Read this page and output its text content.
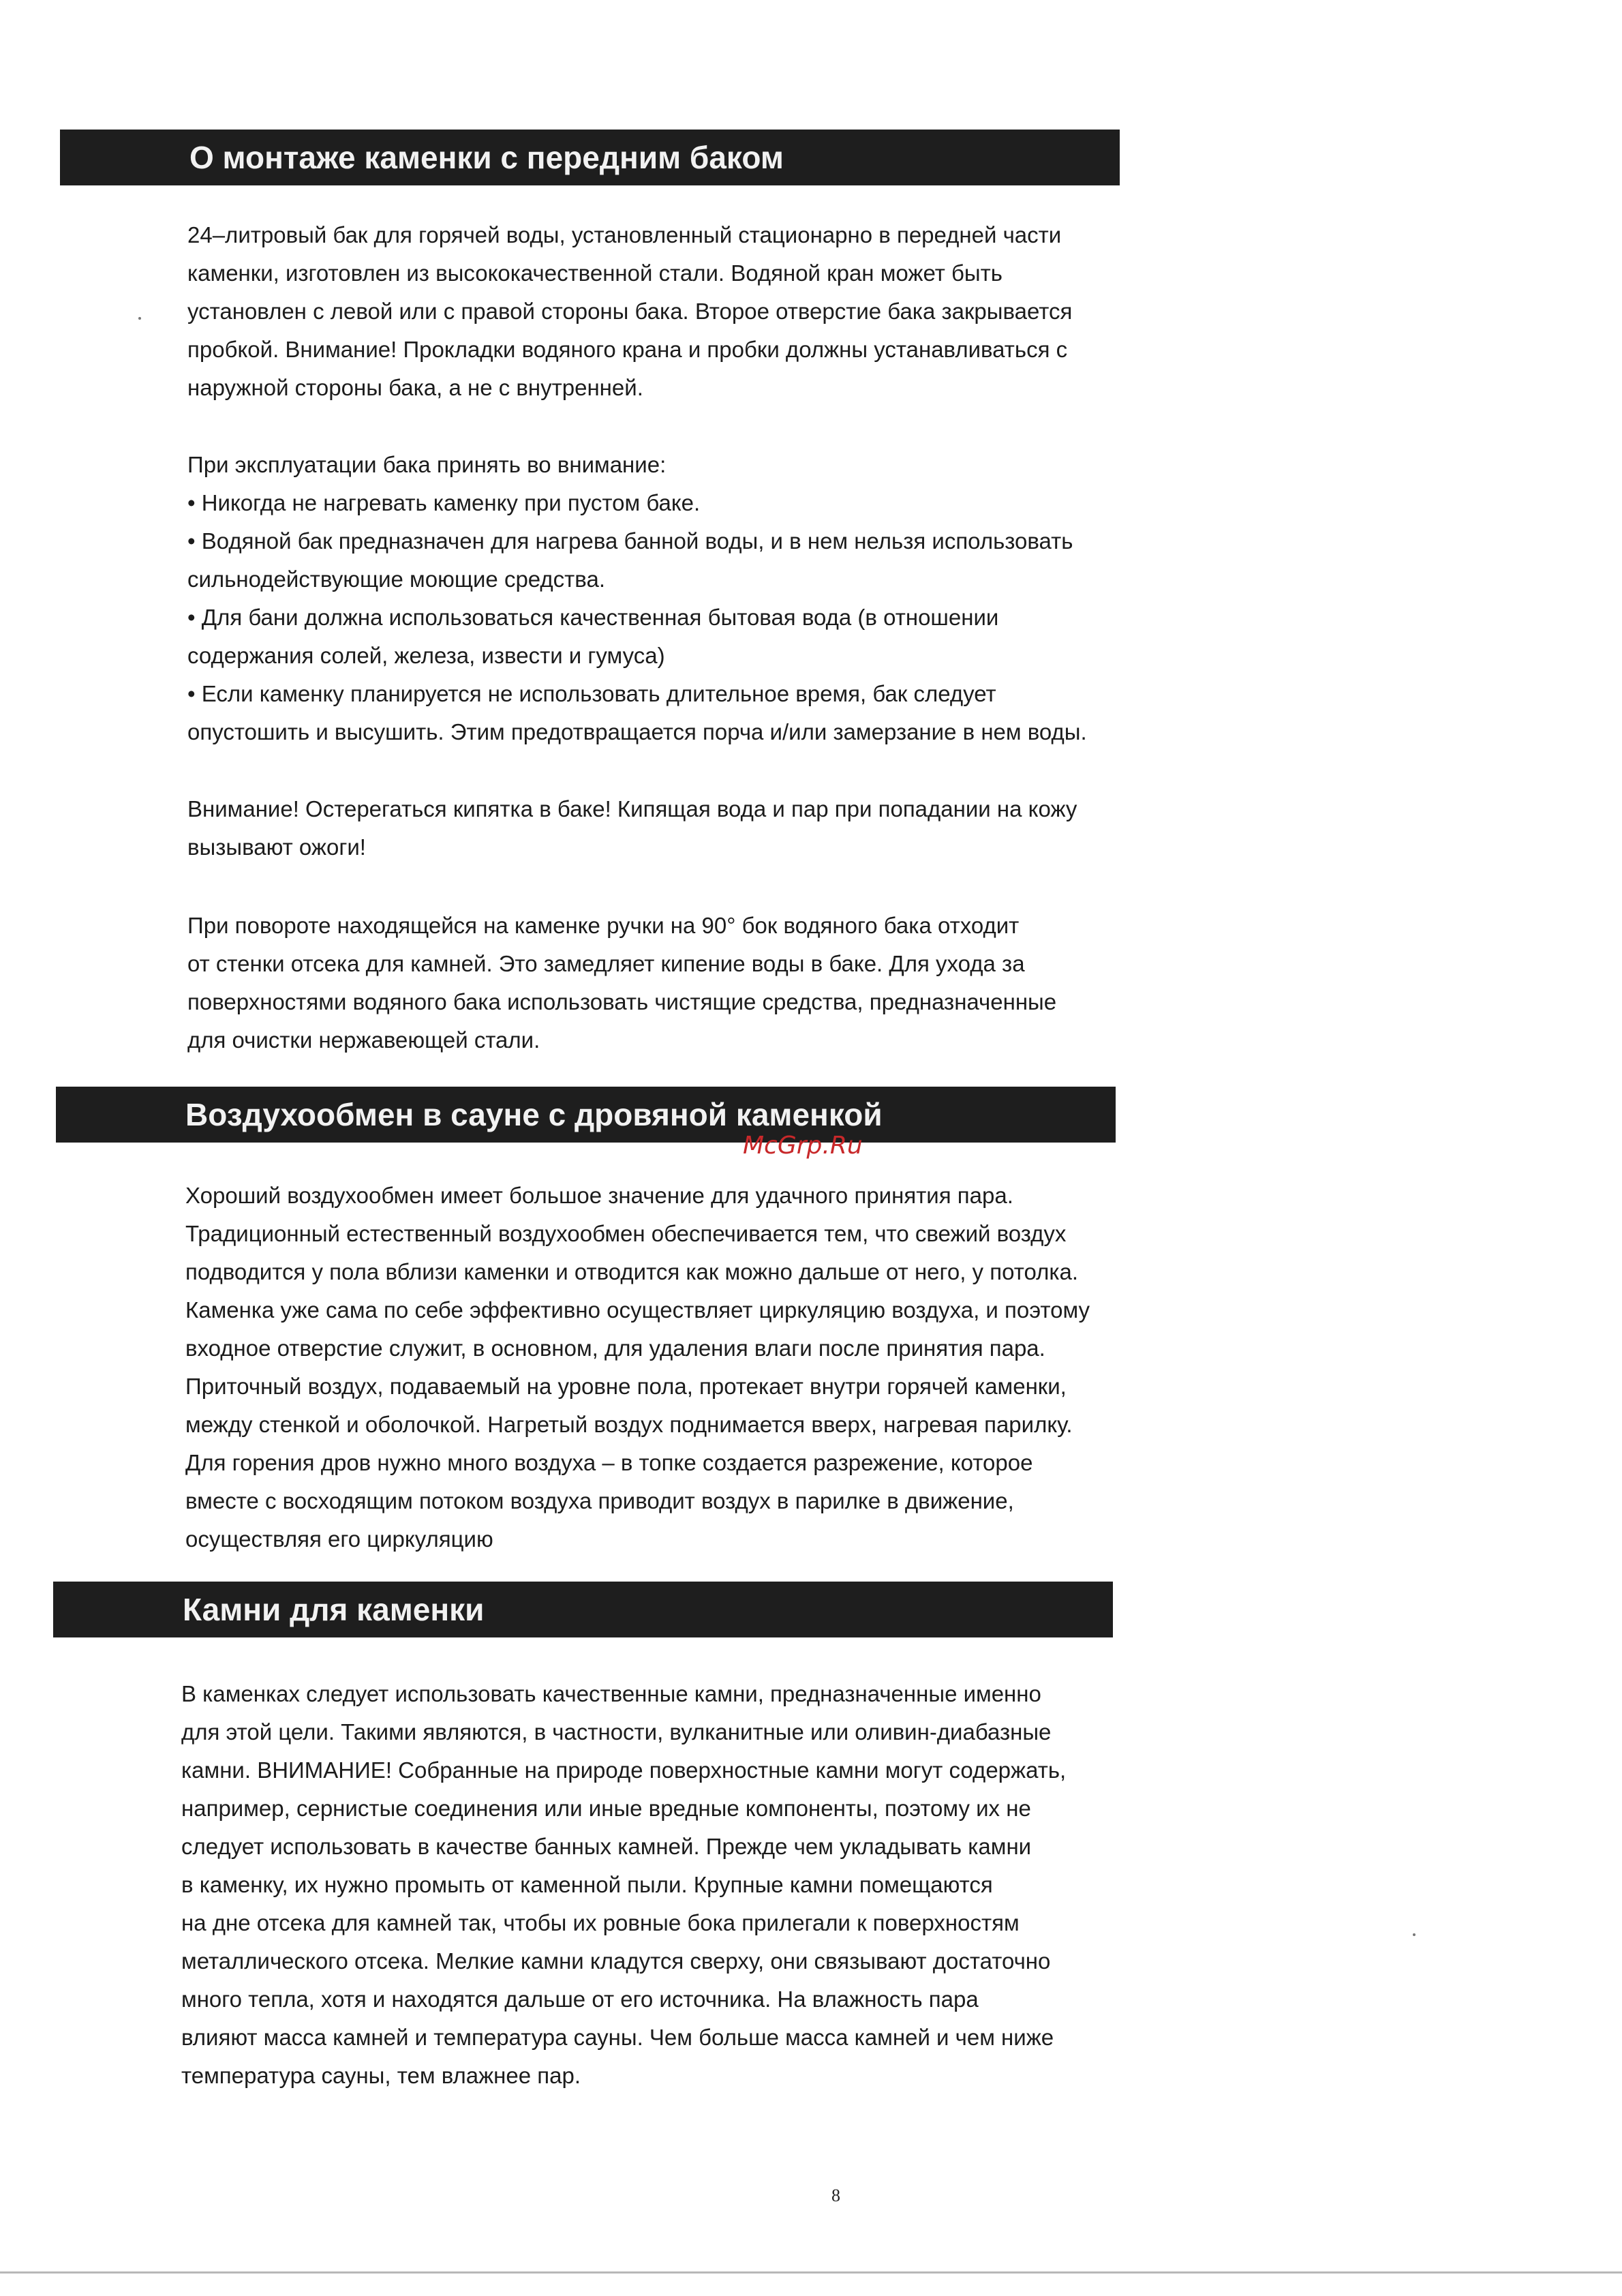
О монтаже каменки с передним баком

24–литровый бак для горячей воды, установленный стационарно в передней части

каменки, изготовлен из высококачественной стали. Водяной кран может быть

установлен с левой или с правой стороны бака. Второе отверстие бака закрывается

пробкой. Внимание! Прокладки водяного крана и пробки должны устанавливаться с

наружной стороны бака, а не с внутренней.

При эксплуатации бака принять во внимание:

• Никогда не нагревать каменку при пустом баке.

• Водяной бак предназначен для нагрева банной воды, и в нем нельзя использовать

сильнодействующие моющие средства.

• Для бани должна использоваться качественная бытовая вода (в отношении

содержания солей, железа, извести и гумуса)

• Если каменку планируется не использовать длительное время, бак следует

опустошить и высушить. Этим предотвращается порча и/или замерзание в нем воды.

Внимание! Остерегаться кипятка в баке! Кипящая вода и пар при попадании на кожу

вызывают ожоги!

При повороте находящейся на каменке ручки на 90° бок водяного бака отходит

от стенки отсека для камней. Это замедляет кипение воды в баке. Для ухода за

поверхностями водяного бака использовать чистящие средства, предназначенные

для очистки нержавеющей стали.

Воздухообмен в сауне с дровяной каменкой
McGrp.Ru

Хороший воздухообмен имеет большое значение для удачного принятия пара.

Традиционный естественный воздухообмен обеспечивается тем, что свежий воздух

подводится у пола вблизи каменки и отводится как можно дальше от него, у потолка.

Каменка уже сама по себе эффективно осуществляет циркуляцию воздуха, и поэтому

входное отверстие служит, в основном, для удаления влаги после принятия пара.

Приточный воздух, подаваемый на уровне пола, протекает внутри горячей каменки,

между стенкой и оболочкой. Нагретый воздух поднимается вверх, нагревая парилку.

Для горения дров нужно много воздуха – в топке создается разрежение, которое

вместе с восходящим потоком воздуха приводит воздух в парилке в движение,

осуществляя его циркуляцию

Камни для каменки

В каменках следует использовать качественные камни, предназначенные именно

для этой цели. Такими являются, в частности, вулканитные или оливин-диабазные

камни. ВНИМАНИЕ! Собранные на природе поверхностные камни могут содержать,

например, сернистые соединения или иные вредные компоненты, поэтому их не

следует использовать в качестве банных камней. Прежде чем укладывать камни

в каменку, их нужно промыть от каменной пыли. Крупные камни помещаются

на дне отсека для камней так, чтобы их ровные бока прилегали к поверхностям

металлического отсека. Мелкие камни кладутся сверху, они связывают достаточно

много тепла, хотя и находятся дальше от его источника. На влажность пара

влияют масса камней и температура сауны. Чем больше масса камней и чем ниже

температура сауны, тем влажнее пар.

8
